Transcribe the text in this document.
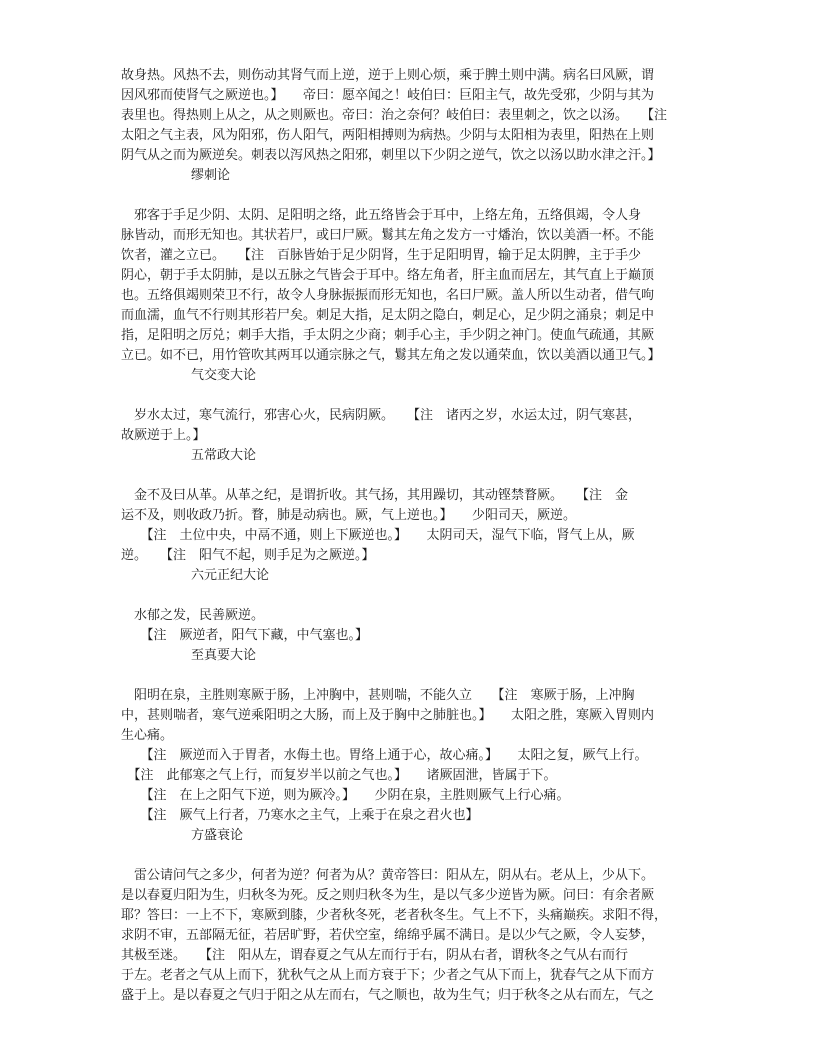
故身热。风热不去，则伤动其肾气而上逆，逆于上则心烦，乘于脾土则中满。病名曰风厥，谓
因风邪而使肾气之厥逆也。】　　帝曰：愿卒闻之！岐伯曰：巨阳主气，故先受邪，少阴与其为
表里也。得热则上从之，从之则厥也。帝曰：治之奈何？岐伯曰：表里刺之，饮之以汤。　　【注
太阳之气主表，风为阳邪，伤人阳气，两阳相搏则为病热。少阴与太阳相为表里，阳热在上则
阴气从之而为厥逆矣。刺表以泻风热之阳邪，刺里以下少阴之逆气，饮之以汤以助水津之汗。】
缪刺论
　邪客于手足少阴、太阴、足阳明之络，此五络皆会于耳中，上络左角，五络俱竭，令人身
脉皆动，而形无知也。其状若尸，或曰尸厥。鬄其左角之发方一寸燔治，饮以美酒一杯。不能
饮者，灌之立已。　　【注　百脉皆始于足少阴肾，生于足阳明胃，输于足太阴脾，主于手少
阴心，朝于手太阴肺，是以五脉之气皆会于耳中。络左角者，肝主血而居左，其气直上于巅顶
也。五络俱竭则荣卫不行，故令人身脉振振而形无知也，名曰尸厥。盖人所以生动者，借气呴
而血濡，血气不行则其形若尸矣。刺足大指，足太阴之隐白，刺足心，足少阴之涌泉；刺足中
指，足阳明之厉兑；刺手大指，手太阴之少商；刺手心主，手少阴之神门。使血气疏通，其厥
立已。如不已，用竹管吹其两耳以通宗脉之气，鬄其左角之发以通荣血，饮以美酒以通卫气。】
气交变大论
　岁水太过，寒气流行，邪害心火，民病阴厥。　　【注　诸丙之岁，水运太过，阴气寒甚，
故厥逆于上。】
五常政大论
　金不及曰从革。从革之纪，是谓折收。其气扬，其用躁切，其动铿禁瞀厥。　　【注　金
运不及，则收政乃折。瞀，肺是动病也。厥，气上逆也。】　　少阳司天，厥逆。
　　【注　土位中央，中鬲不通，则上下厥逆也。】　　太阴司天，湿气下临，肾气上从，厥
逆。　　【注　阳气不起，则手足为之厥逆。】
六元正纪大论
　水郁之发，民善厥逆。
　　【注　厥逆者，阳气下藏，中气塞也。】
至真要大论
　阳明在泉，主胜则寒厥于肠，上冲胸中，甚则喘，不能久立　　【注　寒厥于肠，上冲胸
中，甚则喘者，寒气逆乘阳明之大肠，而上及于胸中之肺脏也。】　　太阳之胜，寒厥入胃则内
生心痛。
　　【注　厥逆而入于胃者，水侮土也。胃络上通于心，故心痛。】　　太阳之复，厥气上行。
　【注　此郁寒之气上行，而复岁半以前之气也。】　　诸厥固泄，皆属于下。
　　【注　在上之阳气下逆，则为厥冷。】　　少阴在泉，主胜则厥气上行心痛。
　　【注　厥气上行者，乃寒水之主气，上乘于在泉之君火也】
方盛衰论
　雷公请问气之多少，何者为逆？何者为从？黄帝答曰：阳从左，阴从右。老从上，少从下。
是以春夏归阳为生，归秋冬为死。反之则归秋冬为生，是以气多少逆皆为厥。问曰：有余者厥
耶？答曰：一上不下，寒厥到膝，少者秋冬死，老者秋冬生。气上不下，头痛巅疾。求阳不得，
求阴不审，五部隔无征，若居旷野，若伏空室，绵绵乎属不满日。是以少气之厥，令人妄梦，
其极至迷。　　【注　阳从左，谓春夏之气从左而行于右，阴从右者，谓秋冬之气从右而行
于左。老者之气从上而下，犹秋气之从上而方衰于下；少者之气从下而上，犹春气之从下而方
盛于上。是以春夏之气归于阳之从左而右，气之顺也，故为生气；归于秋冬之从右而左，气之
